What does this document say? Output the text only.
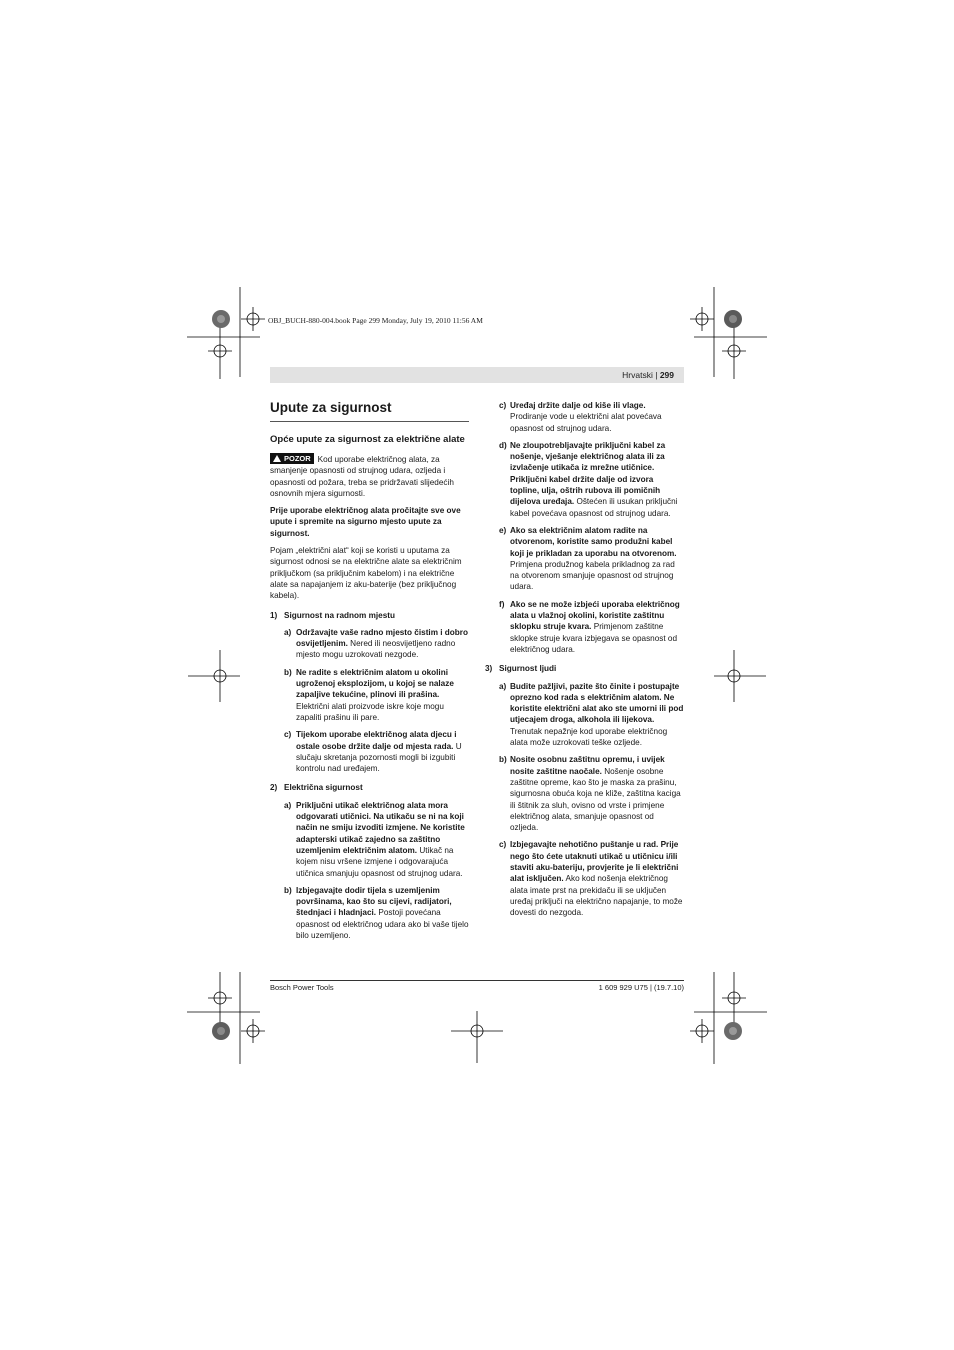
OBJ_BUCH-880-004.book Page 299 Monday, July 19, 2010 11:56 AM
Hrvatski | 299
Upute za sigurnost
Opće upute za sigurnost za električne alate

POZOR Kod uporabe električnog alata, za smanjenje opasnosti od strujnog udara, ozljeda i opasnosti od požara, treba se pridržavati slijedećih osnovnih mjera sigurnosti.

Prije uporabe električnog alata pročitajte sve ove upute i spremite na sigurno mjesto upute za sigurnost.

Pojam „električni alat“ koji se koristi u uputama za sigurnost odnosi se na električne alate sa električnim priključkom (sa priključnim kabelom) i na električne alate sa napajanjem iz aku-baterije (bez priključnog kabela).

1) Sigurnost na radnom mjestu
a) Održavajte vaše radno mjesto čistim i dobro osvijetljenim. Nered ili neosvijetljeno radno mjesto mogu uzrokovati nezgode.
b) Ne radite s električnim alatom u okolini ugroženoj eksplozijom, u kojoj se nalaze zapaljive tekućine, plinovi ili prašina. Električni alati proizvode iskre koje mogu zapaliti prašinu ili pare.
c) Tijekom uporabe električnog alata djecu i ostale osobe držite dalje od mjesta rada. U slučaju skretanja pozornosti mogli bi izgubiti kontrolu nad uređajem.
2) Električna sigurnost
a) Priključni utikač električnog alata mora odgovarati utičnici. Na utikaču se ni na koji način ne smiju izvoditi izmjene. Ne koristite adapterski utikač zajedno sa zaštitno uzemljenim električnim alatom. Utikač na kojem nisu vršene izmjene i odgovarajuća utičnica smanjuju opasnost od strujnog udara.
b) Izbjegavajte dodir tijela s uzemljenim površinama, kao što su cijevi, radijatori, štednjaci i hladnjaci. Postoji povećana opasnost od električnog udara ako bi vaše tijelo bilo uzemljeno.
c) Uređaj držite dalje od kiše ili vlage. Prodiranje vode u električni alat povećava opasnost od strujnog udara.
d) Ne zloupotrebljavajte priključni kabel za nošenje, vješanje električnog alata ili za izvlačenje utikača iz mrežne utičnice. Priključni kabel držite dalje od izvora topline, ulja, oštrih rubova ili pomičnih dijelova uređaja. Oštećen ili usukan priključni kabel povećava opasnost od strujnog udara.
e) Ako sa električnim alatom radite na otvorenom, koristite samo produžni kabel koji je prikladan za uporabu na otvorenom. Primjena produžnog kabela prikladnog za rad na otvorenom smanjuje opasnost od strujnog udara.
f) Ako se ne može izbjeći uporaba električnog alata u vlažnoj okolini, koristite zaštitnu sklopku struje kvara. Primjenom zaštitne sklopke struje kvara izbjegava se opasnost od električnog udara.
3) Sigurnost ljudi
a) Budite pažljivi, pazite što činite i postupajte oprezno kod rada s električnim alatom. Ne koristite električni alat ako ste umorni ili pod utjecajem droga, alkohola ili lijekova. Trenutak nepažnje kod uporabe električnog alata može uzrokovati teške ozljede.
b) Nosite osobnu zaštitnu opremu, i uvijek nosite zaštitne naočale. Nošenje osobne zaštitne opreme, kao što je maska za prašinu, sigurnosna obuća koja ne kliže, zaštitna kaciga ili štitnik za sluh, ovisno od vrste i primjene električnog alata, smanjuje opasnost od ozljeda.
c) Izbjegavajte nehotično puštanje u rad. Prije nego što ćete utaknuti utikač u utičnicu i/ili staviti aku-bateriju, provjerite je li električni alat isključen. Ako kod nošenja električnog alata imate prst na prekidaču ili se uključen uređaj priključi na električno napajanje, to može dovesti do nezgoda.
Bosch Power Tools	1 609 929 U75 | (19.7.10)
